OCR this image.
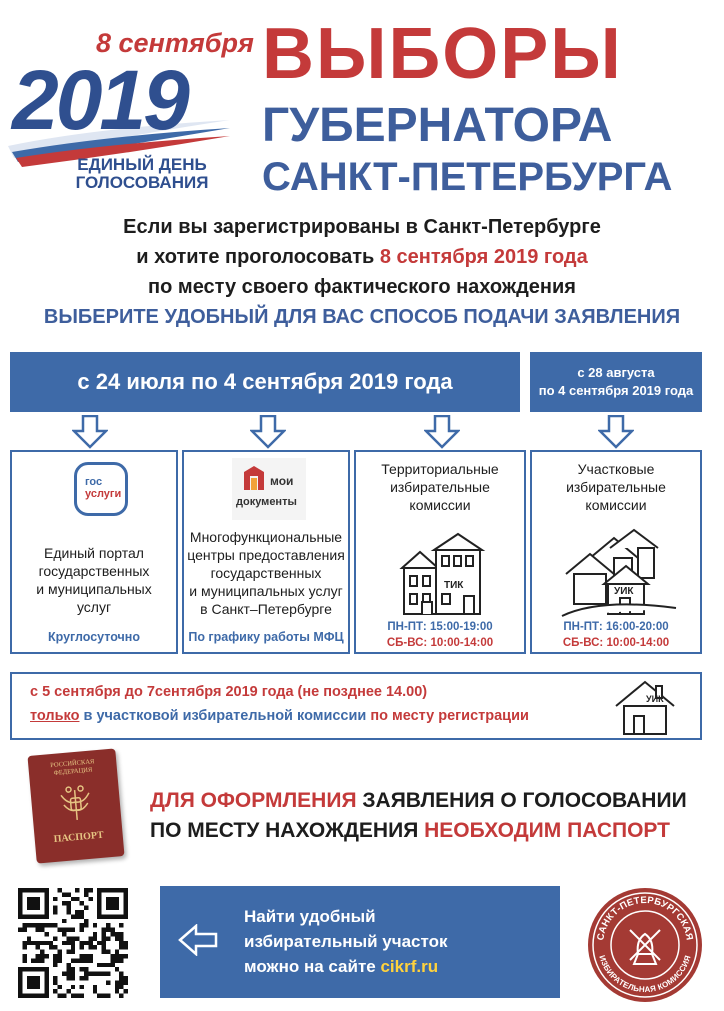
8 сентября
2019
ЕДИНЫЙ ДЕНЬ
ГОЛОСОВАНИЯ
ВЫБОРЫ
ГУБЕРНАТОРА
САНКТ-ПЕТЕРБУРГА
Если вы зарегистрированы в Санкт-Петербурге
и хотите проголосовать 8 сентября 2019 года
по месту своего фактического нахождения
ВЫБЕРИТЕ УДОБНЫЙ ДЛЯ ВАС СПОСОБ ПОДАЧИ ЗАЯВЛЕНИЯ
с 24 июля по 4 сентября 2019 года	с 28 августа
по 4 сентября 2019 года
гос
услуги
Единый портал
государственных
и муниципальных
услуг
Круглосуточно
мои
документы
Многофункциональные
центры предоставления
государственных
и муниципальных услуг
в Санкт–Петербурге
По графику работы МФЦ
Территориальные
избирательные
комиссии
ТИК
ПН-ПТ: 15:00-19:00
СБ-ВС: 10:00-14:00
Участковые
избирательные
комиссии
УИК
ПН-ПТ: 16:00-20:00
СБ-ВС: 10:00-14:00
с 5 сентября до 7сентября 2019 года (не позднее 14.00)
только в участковой избирательной комиссии по месту регистрации
УИК
РОССИЙСКАЯ
ФЕДЕРАЦИЯ
ПАСПОРТ
ДЛЯ ОФОРМЛЕНИЯ ЗАЯВЛЕНИЯ О ГОЛОСОВАНИИ
ПО МЕСТУ НАХОЖДЕНИЯ НЕОБХОДИМ ПАСПОРТ
Найти удобный
избирательный участок
можно на сайте cikrf.ru
САНКТ-ПЕТЕРБУРГСКАЯ
ИЗБИРАТЕЛЬНАЯ КОМИССИЯ
